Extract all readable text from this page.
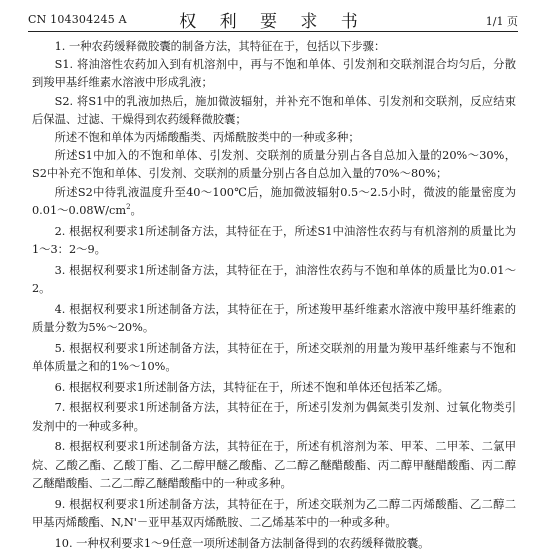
CN 104304245 A	权 利 要 求 书	1/1 页

1. 一种农药缓释微胶囊的制备方法，其特征在于，包括以下步骤：

S1. 将油溶性农药加入到有机溶剂中，再与不饱和单体、引发剂和交联剂混合均匀后，分散到羧甲基纤维素水溶液中形成乳液；

S2. 将S1中的乳液加热后，施加微波辐射，并补充不饱和单体、引发剂和交联剂，反应结束后保温、过滤、干燥得到农药缓释微胶囊；

所述不饱和单体为丙烯酸酯类、丙烯酰胺类中的一种或多种；

所述S1中加入的不饱和单体、引发剂、交联剂的质量分别占各自总加入量的20%～30%，S2中补充不饱和单体、引发剂、交联剂的质量分别占各自总加入量的70%～80%；

所述S2中待乳液温度升至40～100℃后，施加微波辐射0.5～2.5小时，微波的能量密度为$0.01\sim 0.08W/cm^2$。

2. 根据权利要求1所述制备方法，其特征在于，所述S1中油溶性农药与有机溶剂的质量比为1～3：2～9。

3. 根据权利要求1所述制备方法，其特征在于，油溶性农药与不饱和单体的质量比为0.01～2。

4. 根据权利要求1所述制备方法，其特征在于，所述羧甲基纤维素水溶液中羧甲基纤维素的质量分数为5%～20%。

5. 根据权利要求1所述制备方法，其特征在于，所述交联剂的用量为羧甲基纤维素与不饱和单体质量之和的1%～10%。

6. 根据权利要求1所述制备方法，其特征在于，所述不饱和单体还包括苯乙烯。

7. 根据权利要求1所述制备方法，其特征在于，所述引发剂为偶氮类引发剂、过氧化物类引发剂中的一种或多种。

8. 根据权利要求1所述制备方法，其特征在于，所述有机溶剂为苯、甲苯、二甲苯、二氯甲烷、乙酸乙酯、乙酸丁酯、乙二醇甲醚乙酸酯、乙二醇乙醚醋酸酯、丙二醇甲醚醋酸酯、丙二醇乙醚醋酸酯、二乙二醇乙醚醋酸酯中的一种或多种。

9. 根据权利要求1所述制备方法，其特征在于，所述交联剂为乙二醇二丙烯酸酯、乙二醇二甲基丙烯酸酯、N,N'－亚甲基双丙烯酰胺、二乙烯基苯中的一种或多种。

10. 一种权利要求1～9任意一项所述制备方法制备得到的农药缓释微胶囊。
